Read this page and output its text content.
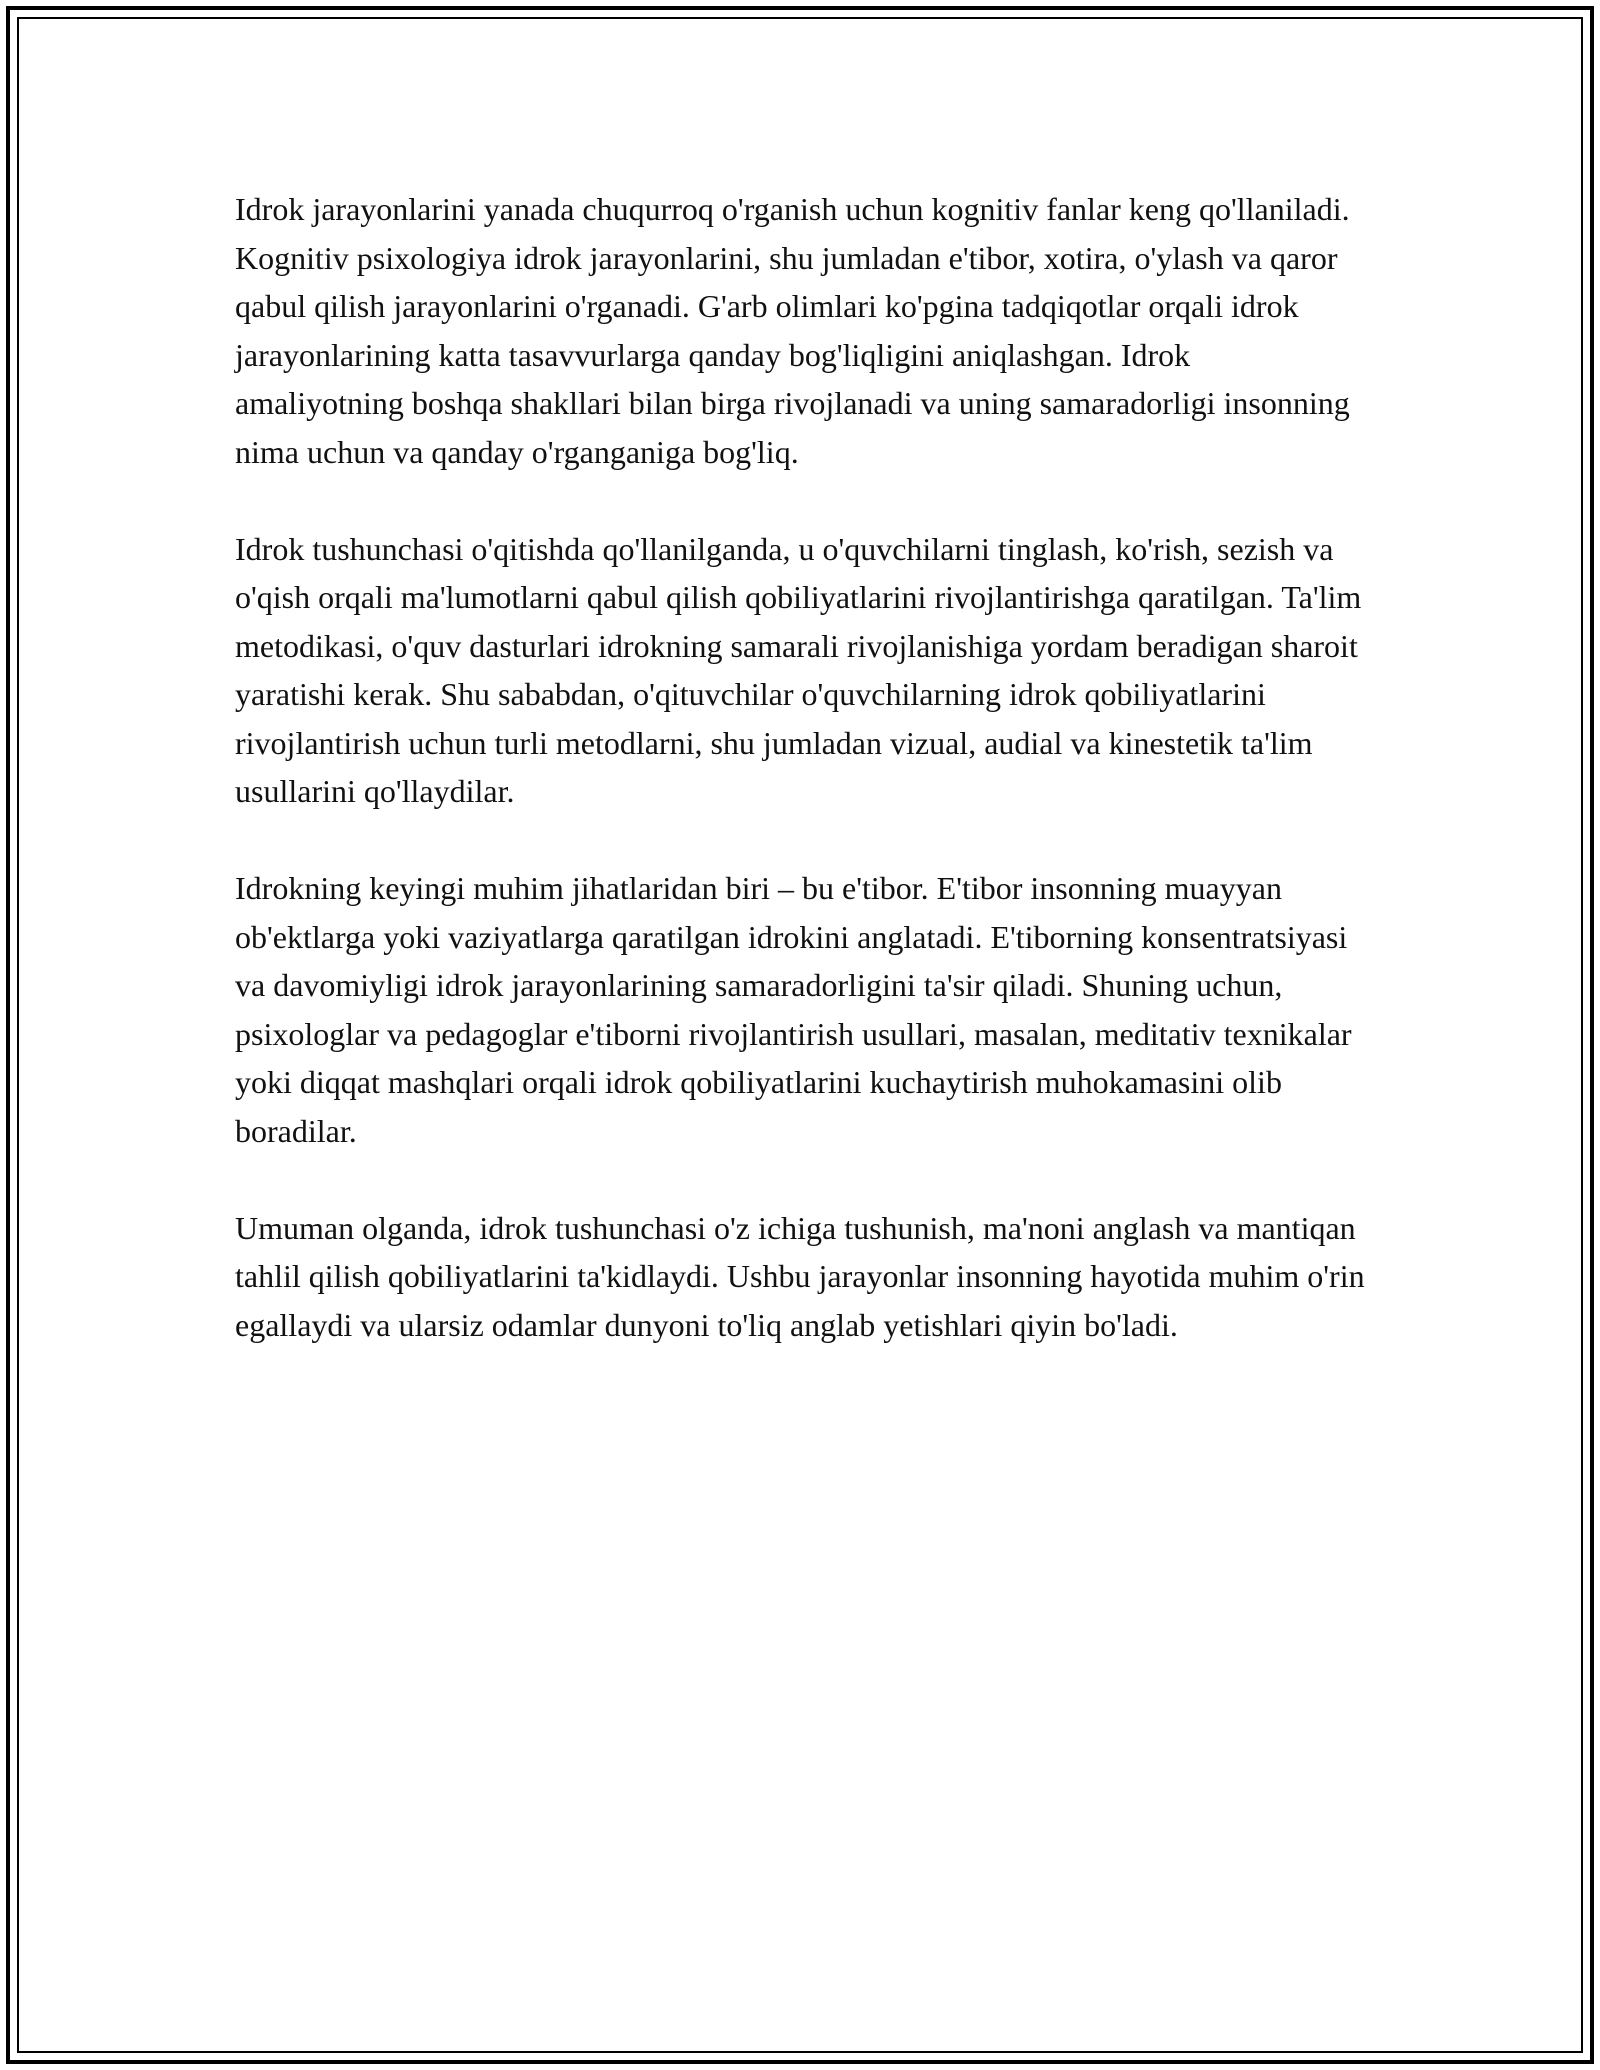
Idrok jarayonlarini yanada chuqurroq o'rganish uchun kognitiv fanlar keng qo'llaniladi. Kognitiv psixologiya idrok jarayonlarini, shu jumladan e'tibor, xotira, o'ylash va qaror qabul qilish jarayonlarini o'rganadi. G'arb olimlari ko'pgina tadqiqotlar orqali idrok jarayonlarining katta tasavvurlarga qanday bog'liqligini aniqlashgan. Idrok amaliyotning boshqa shakllari bilan birga rivojlanadi va uning samaradorligi insonning nima uchun va qanday o'rganganiga bog'liq.

Idrok tushunchasi o'qitishda qo'llanilganda, u o'quvchilarni tinglash, ko'rish, sezish va o'qish orqali ma'lumotlarni qabul qilish qobiliyatlarini rivojlantirishga qaratilgan. Ta'lim metodikasi, o'quv dasturlari idrokning samarali rivojlanishiga yordam beradigan sharoit yaratishi kerak. Shu sababdan, o'qituvchilar o'quvchilarning idrok qobiliyatlarini rivojlantirish uchun turli metodlarni, shu jumladan vizual, audial va kinestetik ta'lim usullarini qo'llaydilar.

Idrokning keyingi muhim jihatlaridan biri – bu e'tibor. E'tibor insonning muayyan ob'ektlarga yoki vaziyatlarga qaratilgan idrokini anglatadi. E'tiborning konsentratsiyasi va davomiyligi idrok jarayonlarining samaradorligini ta'sir qiladi. Shuning uchun, psixologlar va pedagoglar e'tiborni rivojlantirish usullari, masalan, meditativ texnikalar yoki diqqat mashqlari orqali idrok qobiliyatlarini kuchaytirish muhokamasini olib boradilar.

Umuman olganda, idrok tushunchasi o'z ichiga tushunish, ma'noni anglash va mantiqan tahlil qilish qobiliyatlarini ta'kidlaydi. Ushbu jarayonlar insonning hayotida muhim o'rin egallaydi va ularsiz odamlar dunyoni to'liq anglab yetishlari qiyin bo'ladi.
